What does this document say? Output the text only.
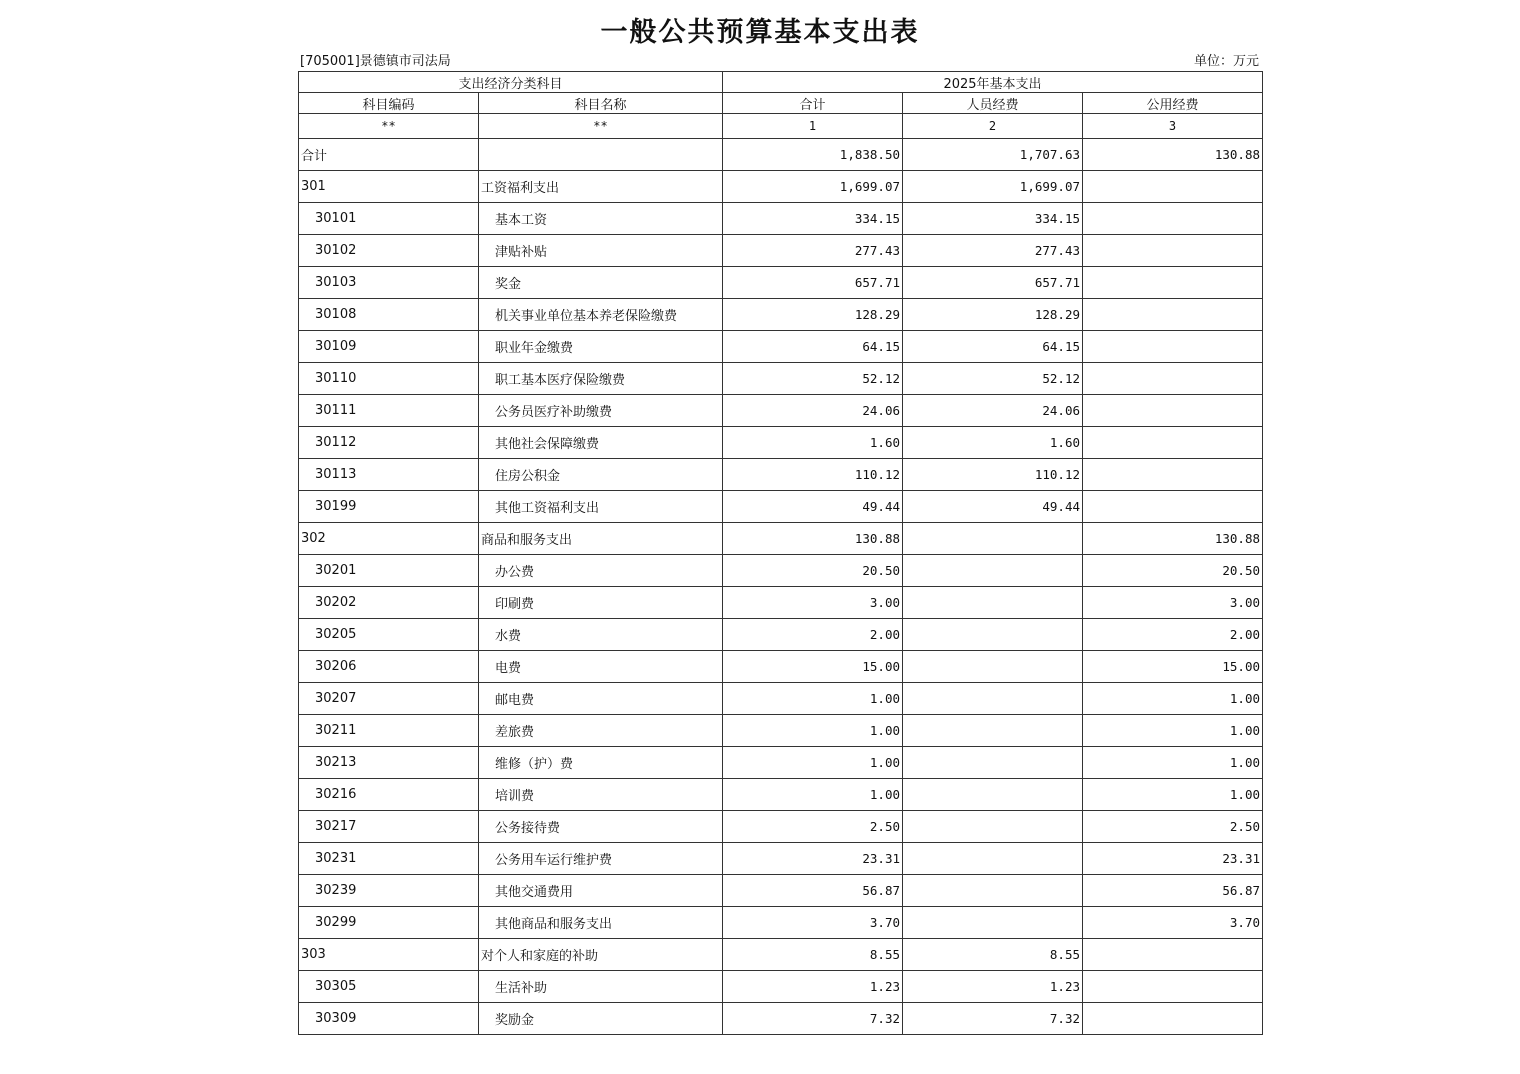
一般公共预算基本支出表
[705001]景德镇市司法局	单位：万元
支出经济分类科目		2025年基本支出		
科目编码	科目名称	合计	人员经费	公用经费
**	**	1	2	3
合计		1,838.50	1,707.63	130.88
301	工资福利支出	1,699.07	1,699.07	
30101	基本工资	334.15	334.15	
30102	津贴补贴	277.43	277.43	
30103	奖金	657.71	657.71	
30108	机关事业单位基本养老保险缴费	128.29	128.29	
30109	职业年金缴费	64.15	64.15	
30110	职工基本医疗保险缴费	52.12	52.12	
30111	公务员医疗补助缴费	24.06	24.06	
30112	其他社会保障缴费	1.60	1.60	
30113	住房公积金	110.12	110.12	
30199	其他工资福利支出	49.44	49.44	
302	商品和服务支出	130.88		130.88
30201	办公费	20.50		20.50
30202	印刷费	3.00		3.00
30205	水费	2.00		2.00
30206	电费	15.00		15.00
30207	邮电费	1.00		1.00
30211	差旅费	1.00		1.00
30213	维修（护）费	1.00		1.00
30216	培训费	1.00		1.00
30217	公务接待费	2.50		2.50
30231	公务用车运行维护费	23.31		23.31
30239	其他交通费用	56.87		56.87
30299	其他商品和服务支出	3.70		3.70
303	对个人和家庭的补助	8.55	8.55	
30305	生活补助	1.23	1.23	
30309	奖励金	7.32	7.32	
